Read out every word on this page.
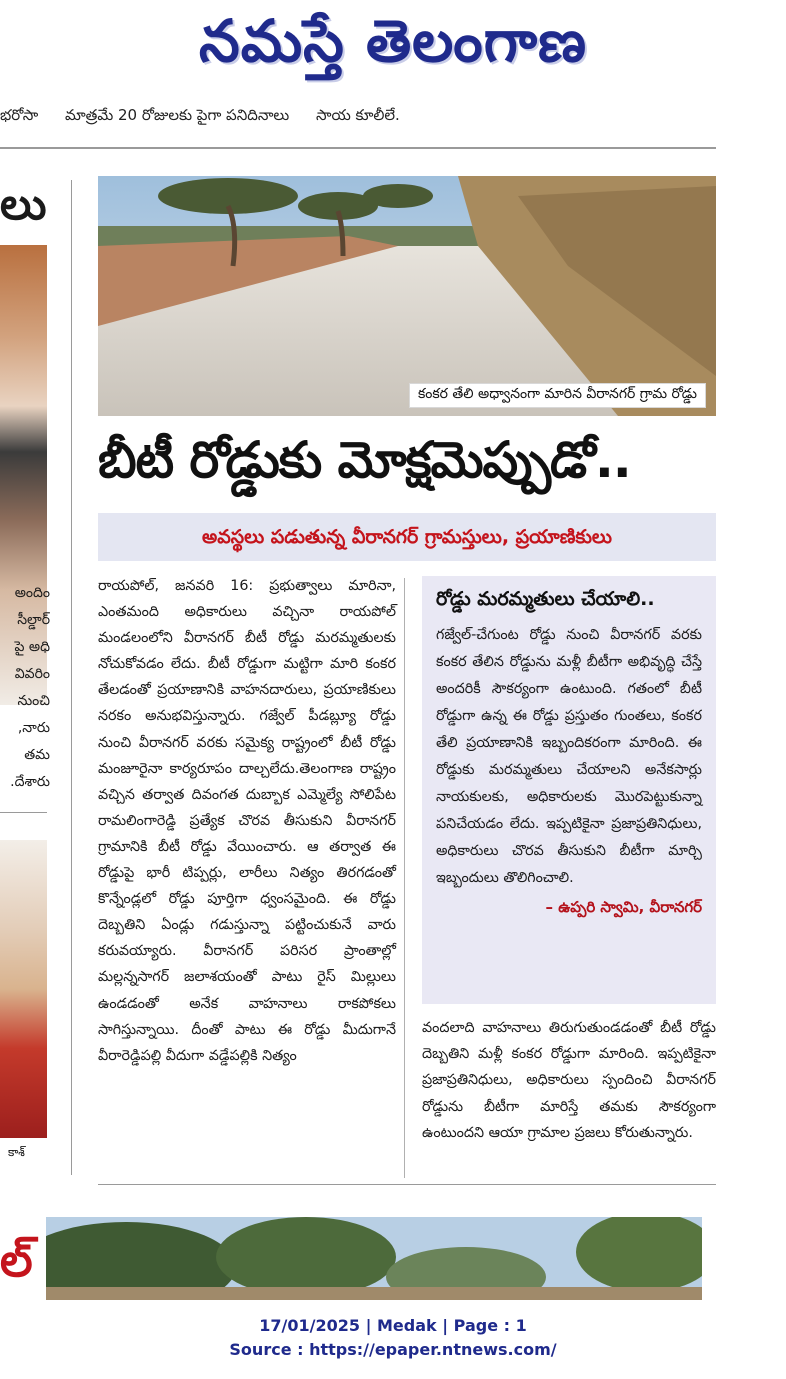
నమస్తే తెలంగాణ
భరోసా మాత్రమే 20 రోజులకు పైగా పనిదినాలు సాయ కూలీలే.
లు
అందిం
సీల్డార్
పై అధి
వివరిం
నుంచి
నారు,
తమ
దేశారు.
కాశ్
కంకర తేలి అధ్వానంగా మారిన వీరానగర్ గ్రామ రోడ్డు
బీటీ రోడ్డుకు మోక్షమెప్పుడో..
అవస్థలు పడుతున్న వీరానగర్ గ్రామస్తులు, ప్రయాణికులు

రాయపోల్, జనవరి 16: ప్రభుత్వాలు మారినా, ఎంతమంది అధికారులు వచ్చినా రాయపోల్ మండలంలోని వీరానగర్ బీటీ రోడ్డు మరమ్మతులకు నోచుకోవడం లేదు. బీటీ రోడ్డుగా మట్టిగా మారి కంకర తేలడంతో ప్రయాణానికి వాహనదారులు, ప్రయాణికులు నరకం అనుభవిస్తున్నారు. గజ్వేల్ పీడబ్ల్యూ రోడ్డు నుంచి వీరానగర్ వరకు సమైక్య రాష్ట్రంలో బీటీ రోడ్డు మంజూరైనా కార్యరూపం దాల్చలేదు.తెలంగాణ రాష్ట్రం వచ్చిన తర్వాత దివంగత దుబ్బాక ఎమ్మెల్యే సోలిపేట రామలింగారెడ్డి ప్రత్యేక చొరవ తీసుకుని వీరానగర్ గ్రామానికి బీటీ రోడ్డు వేయించారు. ఆ తర్వాత ఈ రోడ్డుపై భారీ టిప్పర్లు, లారీలు నిత్యం తిరగడంతో కొన్నేండ్లలో రోడ్డు పూర్తిగా ధ్వంసమైంది. ఈ రోడ్డు దెబ్బతిని ఏండ్లు గడుస్తున్నా పట్టించుకునే వారు కరువయ్యారు. వీరానగర్ పరిసర ప్రాంతాల్లో మల్లన్నసాగర్ జలాశయంతో పాటు రైస్ మిల్లులు ఉండడంతో అనేక వాహనాలు రాకపోకలు సాగిస్తున్నాయి. దీంతో పాటు ఈ రోడ్డు మీదుగానే వీరారెడ్డిపల్లి వీదుగా వడ్డేపల్లికి నిత్యం

రోడ్డు మరమ్మతులు చేయాలి..

గజ్వేల్-చేగుంట రోడ్డు నుంచి వీరానగర్ వరకు కంకర తేలిన రోడ్డును మళ్లీ బీటీగా అభివృద్ధి చేస్తే అందరికీ సౌకర్యంగా ఉంటుంది. గతంలో బీటీ రోడ్డుగా ఉన్న ఈ రోడ్డు ప్రస్తుతం గుంతలు, కంకర తేలి ప్రయాణానికి ఇబ్బందికరంగా మారింది. ఈ రోడ్డుకు మరమ్మతులు చేయాలని అనేకసార్లు నాయకులకు, అధికారులకు మొరపెట్టుకున్నా పనిచేయడం లేదు. ఇప్పటికైనా ప్రజాప్రతినిధులు, అధికారులు చొరవ తీసుకుని బీటీగా మార్చి ఇబ్బందులు తొలిగించాలి.

– ఉప్పరి స్వామి, వీరానగర్

వందలాది వాహనాలు తిరుగుతుండడంతో బీటీ రోడ్డు దెబ్బతిని మళ్లీ కంకర రోడ్డుగా మారింది. ఇప్పటికైనా ప్రజాప్రతినిధులు, అధికారులు స్పందించి వీరానగర్ రోడ్డును బీటీగా మారిస్తే తమకు సౌకర్యంగా ఉంటుందని ఆయా గ్రామాల ప్రజలు కోరుతున్నారు.

ల్
17/01/2025 | Medak | Page : 1
Source : https://epaper.ntnews.com/
